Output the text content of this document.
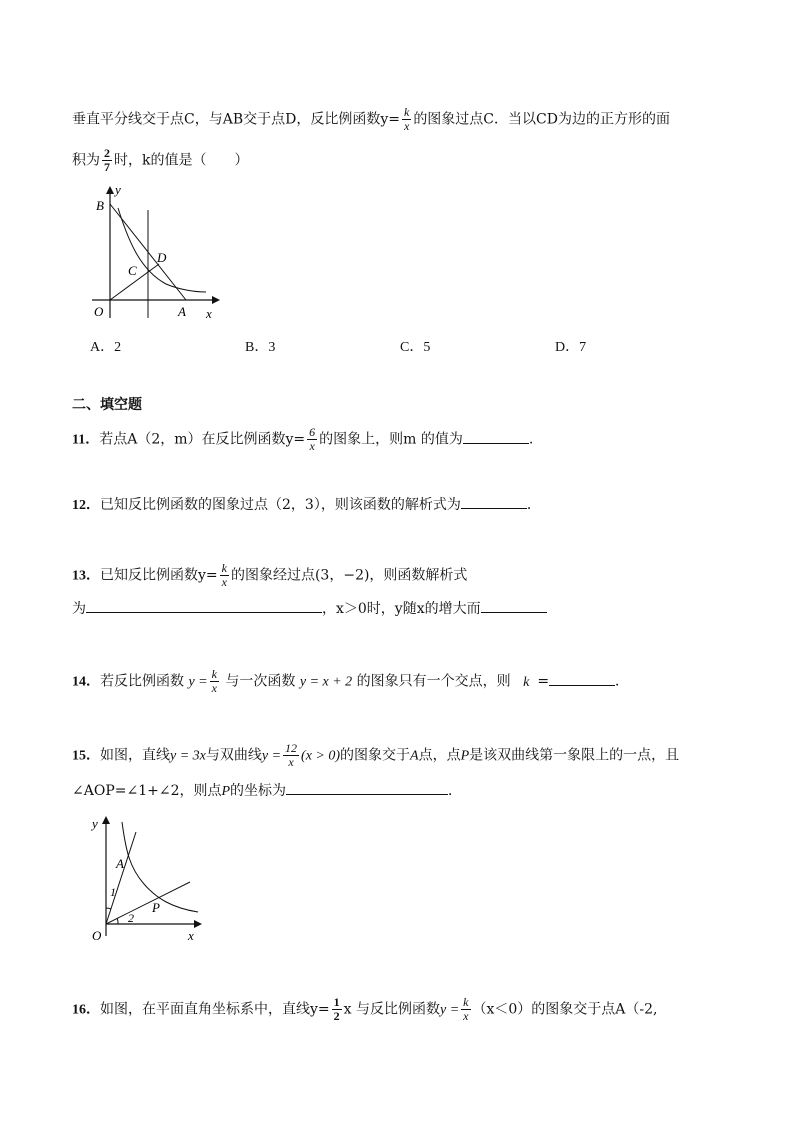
垂直平分线交于点C，与AB交于点D，反比例函数$y= \frac{k}{x}$ 的图象过点C．当以CD为边的正方形的面
积为 $\frac{2}{7}$ 时，k的值是（　　）
B
y
D
C
O	A x
A．2	B．3	C．5	D．7
二、填空题
11．若点A（2，m）在反比例函数$y= \frac{6}{x}$ 的图象上，则m 的值为	.
12．已知反比例函数的图象过点（2，3），则该函数的解析式为	．
13．已知反比例函数$y= \frac{k}{x}$ 的图象经过点(3，−2)，则函数解析式
为	，x＞0时，y随x的增大而
14．若反比例函数 $y = \frac{k}{x}$ 与一次函数 y = x + 2 的图象只有一个交点，则 k =	．
15．如图，直线y = 3x与双曲线$y = \frac{12}{x} (x > 0)$的图象交于A点，点P是该双曲线第一象限上的一点，且
∠AOP=∠1+∠2，则点P的坐标为	．
y
A
1
2
P
O	x
16．如图，在平面直角坐标系中，直线$y= \frac{1}{2}$ x 与反比例函数$y = \frac{k}{x} (x<0)$的图象交于点A（-2,
